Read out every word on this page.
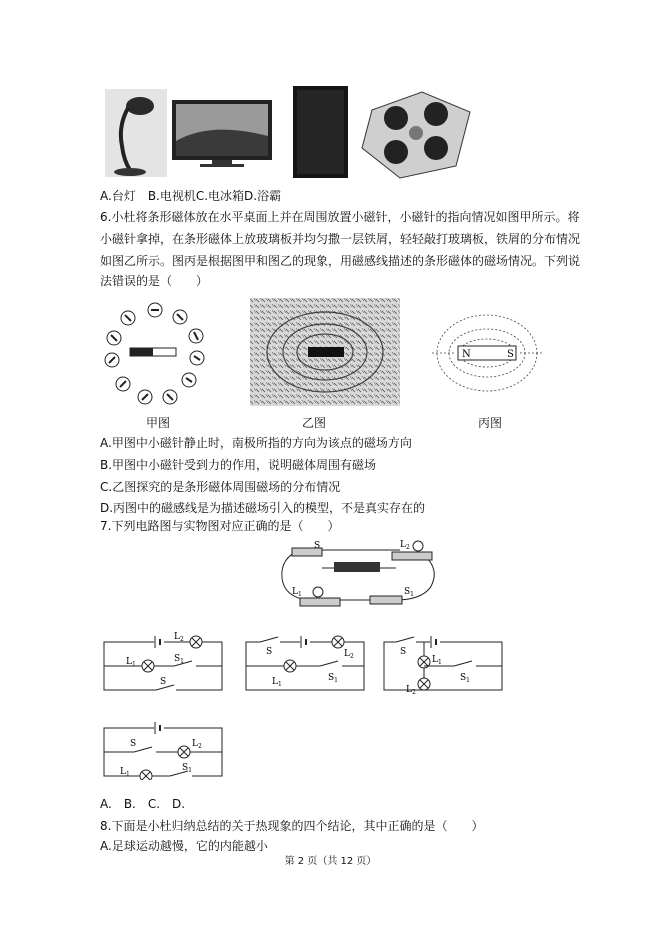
A.台灯　B.电视机C.电冰箱D.浴霸
6.小杜将条形磁体放在水平桌面上并在周围放置小磁针，小磁针的指向情况如图甲所示。将
小磁针拿掉，在条形磁体上放玻璃板并均匀撒一层铁屑，轻轻敲打玻璃板，铁屑的分布情况
如图乙所示。图丙是根据图甲和图乙的现象，用磁感线描述的条形磁体的磁场情况。下列说
法错误的是（　　）
甲图	乙图
N	S
丙图
A.甲图中小磁针静止时，南极所指的方向为该点的磁场方向
B.甲图中小磁针受到力的作用，说明磁体周围有磁场
C.乙图探究的是条形磁体周围磁场的分布情况
D.丙图中的磁感线是为描述磁场引入的模型，不是真实存在的
7.下列电路图与实物图对应正确的是（　　）
S	$L_2$
$L_1$	$S_1$
$L_2$
$L_1$
$S_1$
S
S	$L_2$
$L_1$
$S_1$
S
$L_1$
$L_2$
$S_1$
S	$L_2$
$L_1$
$S_1$
A.　B.　C.　D.
8.下面是小杜归纳总结的关于热现象的四个结论，其中正确的是（　　）
A.足球运动越慢，它的内能越小
第 2 页（共 12 页）
